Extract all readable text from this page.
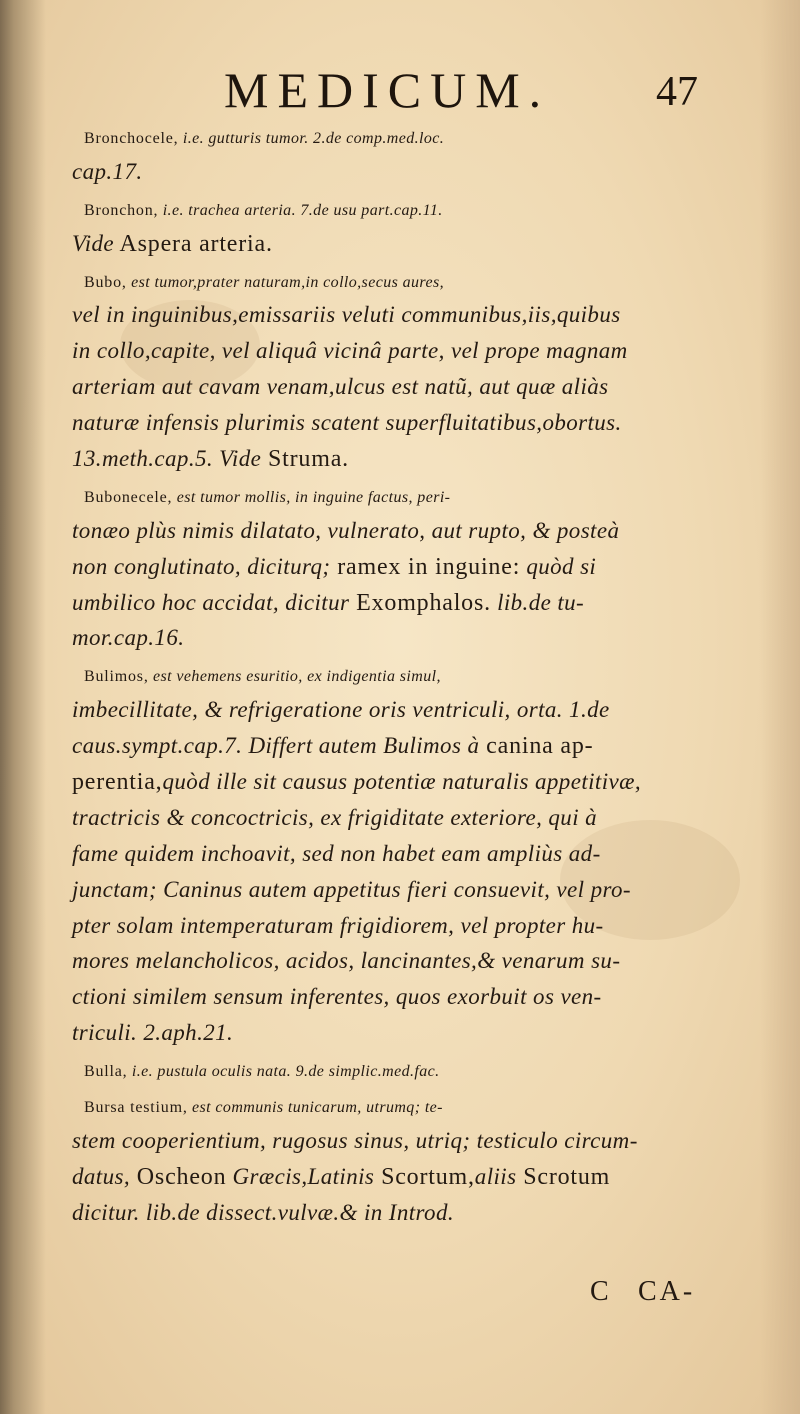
MEDICUM.	47
Bronchocele, i.e. gutturis tumor. 2.de comp.med.loc.
cap.17.
Bronchon, i.e. trachea arteria. 7.de usu part.cap.11.
Vide Aspera arteria.
Bubo, est tumor,prater naturam,in collo,secus aures,
vel in inguinibus,emissariis veluti communibus,iis,quibus
in collo,capite, vel aliquâ vicinâ parte, vel prope magnam
arteriam aut cavam venam,ulcus est natũ, aut quæ aliàs
naturæ infensis plurimis scatent superfluitatibus,obortus.
13.meth.cap.5. Vide Struma.
Bubonecele, est tumor mollis, in inguine factus, peri-
tonæo plùs nimis dilatato, vulnerato, aut rupto, & posteà
non conglutinato, diciturq; ramex in inguine: quòd si
umbilico hoc accidat, dicitur Exomphalos. lib.de tu-
mor.cap.16.
Bulimos, est vehemens esuritio, ex indigentia simul,
imbecillitate, & refrigeratione oris ventriculi, orta. 1.de
caus.sympt.cap.7. Differt autem Bulimos à canina ap-
perentia,quòd ille sit causus potentiæ naturalis appetitivæ,
tractricis & concoctricis, ex frigiditate exteriore, qui à
fame quidem inchoavit, sed non habet eam ampliùs ad-
junctam; Caninus autem appetitus fieri consuevit, vel pro-
pter solam intemperaturam frigidiorem, vel propter hu-
mores melancholicos, acidos, lancinantes,& venarum su-
ctioni similem sensum inferentes, quos exorbuit os ven-
triculi. 2.aph.21.
Bulla, i.e. pustula oculis nata. 9.de simplic.med.fac.
Bursa testium, est communis tunicarum, utrumq; te-
stem cooperientium, rugosus sinus, utriq; testiculo circum-
datus, Oscheon Græcis,Latinis Scortum,aliis Scrotum
dicitur. lib.de dissect.vulvæ.& in Introd.
C CA-
